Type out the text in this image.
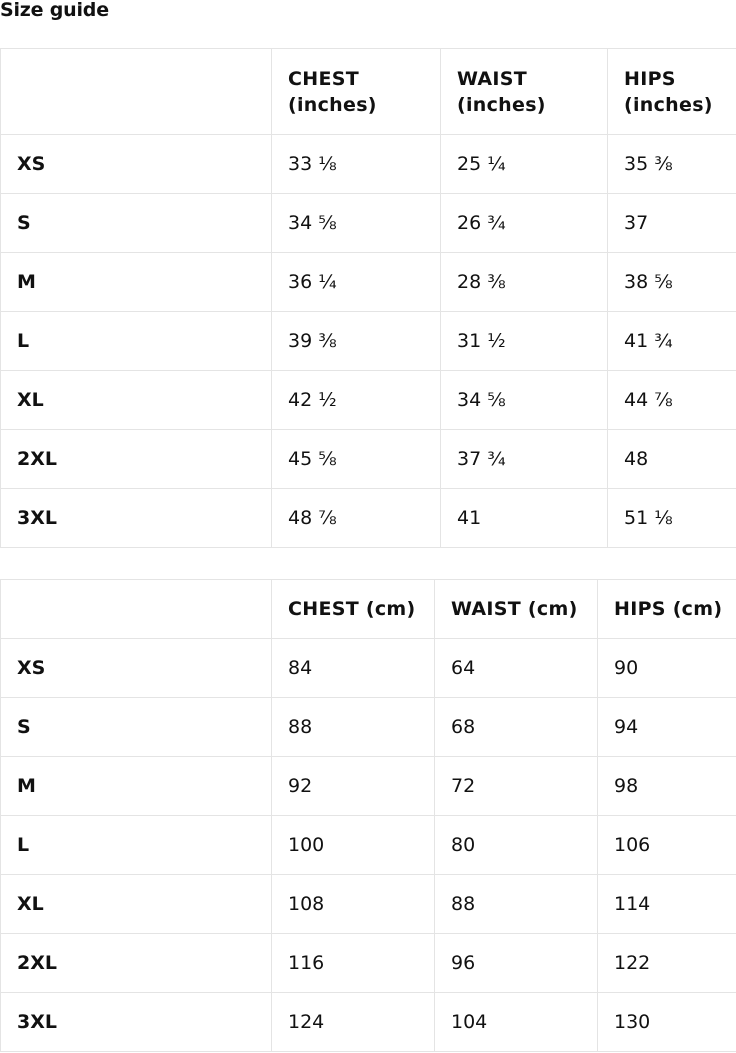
Size guide
	CHEST (inches)	WAIST (inches)	HIPS (inches)
XS	33 ⅛	25 ¼	35 ⅜
S	34 ⅝	26 ¾	37
M	36 ¼	28 ⅜	38 ⅝
L	39 ⅜	31 ½	41 ¾
XL	42 ½	34 ⅝	44 ⅞
2XL	45 ⅝	37 ¾	48
3XL	48 ⅞	41	51 ⅛
	CHEST (cm)	WAIST (cm)	HIPS (cm)
XS	84	64	90
S	88	68	94
M	92	72	98
L	100	80	106
XL	108	88	114
2XL	116	96	122
3XL	124	104	130
